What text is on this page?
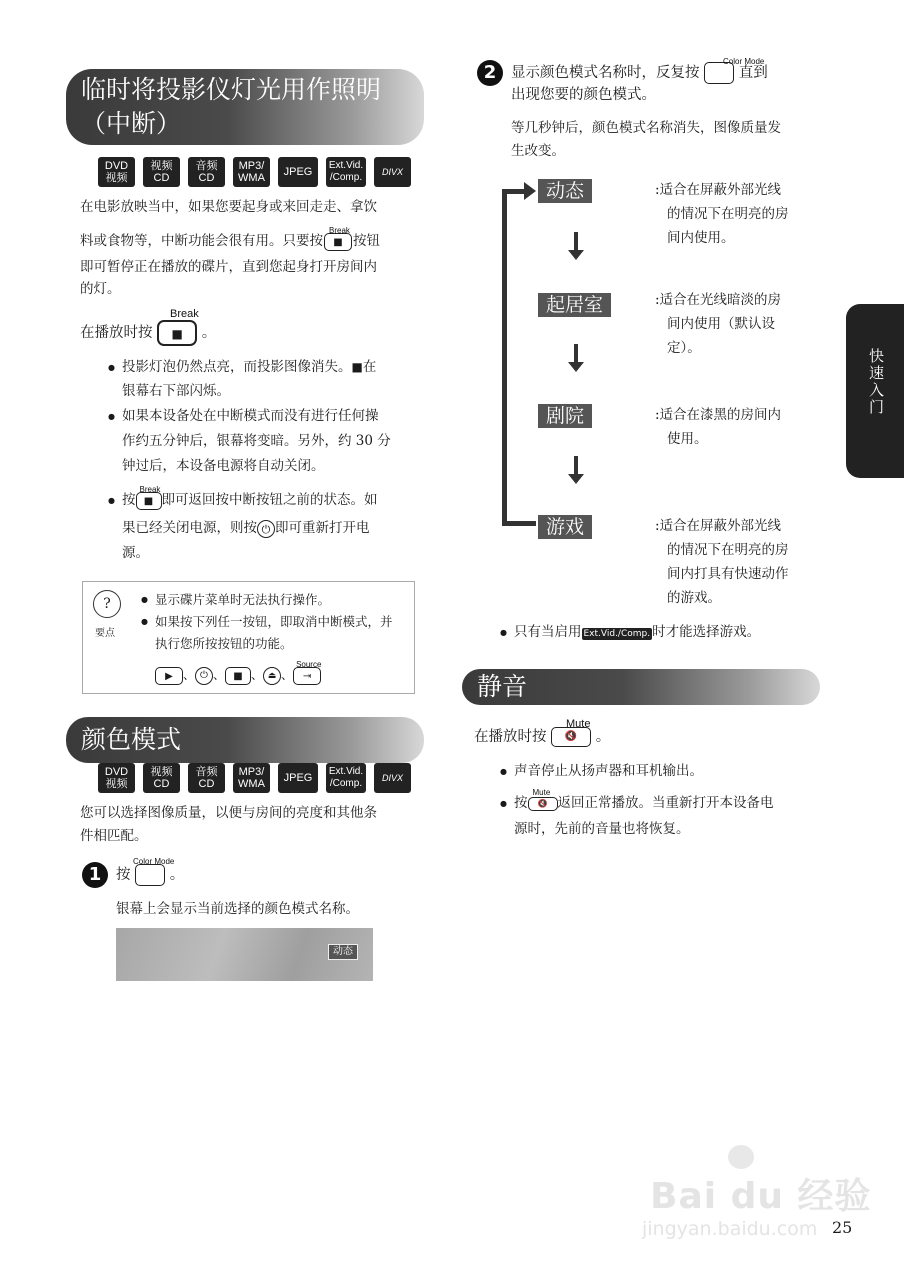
临时将投影仪灯光用作照明
（中断）
DVD
视频
视频
CD
音频
CD
MP3/
WMA	JPEG
Ext.Vid.
/Comp.	DIVX
在电影放映当中，如果您要起身或来回走走、拿饮
料或食物等，中断功能会很有用。只要按
Break
■ 按钮
即可暂停正在播放的碟片，直到您起身打开房间内
的灯。
在播放时按 ■ 。
Break
● 投影灯泡仍然点亮，而投影图像消失。■在
银幕右下部闪烁。
● 如果本设备处在中断模式而没有进行任何操
作约五分钟后，银幕将变暗。另外，约 30 分
钟过后，本设备电源将自动关闭。
● 按
Break
■ 即可返回按中断按钮之前的状态。如
果已经关闭电源，则按 ⏻ 即可重新打开电
源。
?
要点
● 显示碟片菜单时无法执行操作。
● 如果按下列任一按钮，即取消中断模式，并
执行您所按按钮的功能。
▶ 、 ⏻ 、 ■ 、 ⏏ 、
Source
⇥
颜色模式
DVD
视频
视频
CD
音频
CD
MP3/
WMA	JPEG
Ext.Vid.
/Comp.	DIVX
您可以选择图像质量，以便与房间的亮度和其他条
件相匹配。
1	按	。
Color Mode
银幕上会显示当前选择的颜色模式名称。
动态
2	显示颜色模式名称时，反复按	直到
Color Mode
出现您要的颜色模式。
等几秒钟后，颜色模式名称消失，图像质量发
生改变。
动态	:适合在屏蔽外部光线
的情况下在明亮的房
间内使用。
起居室	:适合在光线暗淡的房
间内使用（默认设
定）。
剧院	:适合在漆黑的房间内
使用。
游戏	:适合在屏蔽外部光线
的情况下在明亮的房
间内打具有快速动作
的游戏。
● 只有当启用 Ext.Vid./Comp. 时才能选择游戏。
静音
在播放时按 🔇 。
Mute
● 声音停止从扬声器和耳机输出。
● 按
Mute
🔇 返回正常播放。当重新打开本设备电
源时，先前的音量也将恢复。
快速入门
Bai du 经验
jingyan.baidu.com 25
